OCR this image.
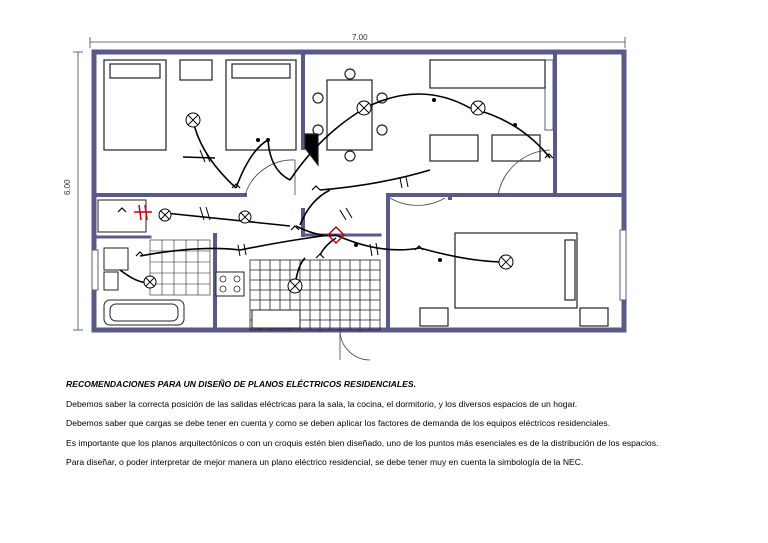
7.00
6.00
RECOMENDACIONES PARA UN DISEÑO DE PLANOS ELÉCTRICOS RESIDENCIALES.
Debemos saber la correcta posición de las salidas eléctricas para la sala, la cocina, el dormitorio, y los diversos espacios de un hogar.
Debemos saber que cargas se debe tener en cuenta y como se deben aplicar los factores de demanda de los equipos eléctricos residenciales.
Es importante que los planos arquitectónicos o con un croquis estén bien diseñado, uno de los puntos más esenciales es de la distribución de los espacios.
Para diseñar, o poder interpretar de mejor manera un plano eléctrico residencial, se debe tener muy en cuenta la simbología de la NEC.
